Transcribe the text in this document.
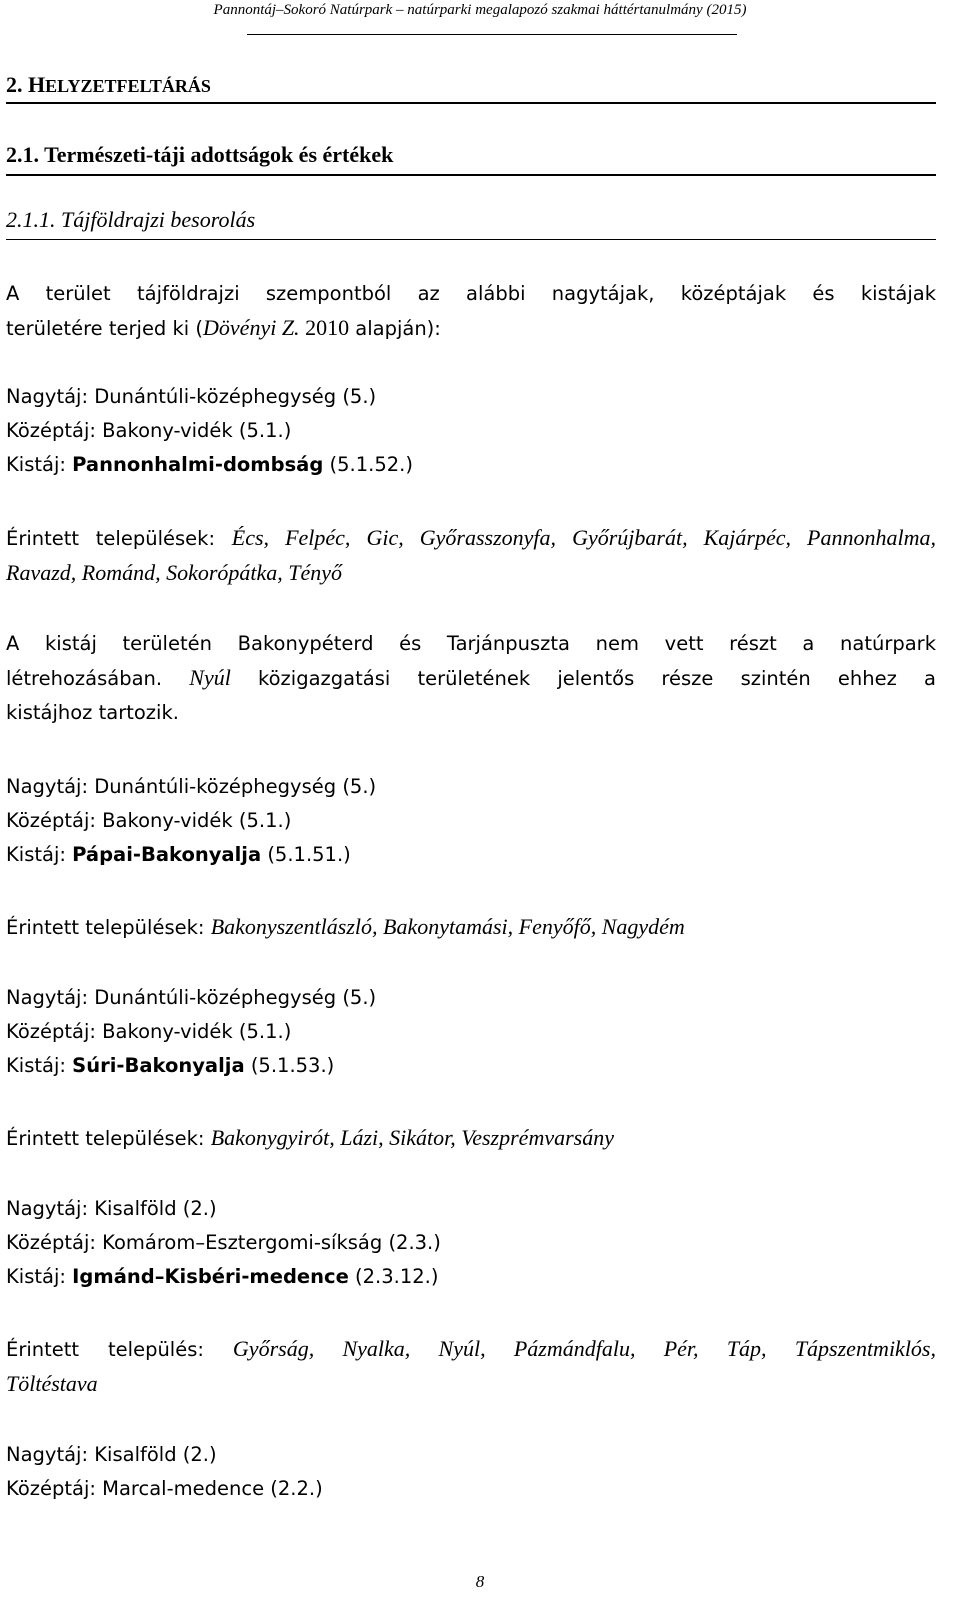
Pannontáj–Sokoró Natúrpark – natúrparki megalapozó szakmai háttértanulmány (2015)
2. HELYZETFELTÁRÁS
2.1. Természeti-táji adottságok és értékek
2.1.1. Tájföldrajzi besorolás
A terület tájföldrajzi szempontból az alábbi nagytájak, középtájak és kistájak
területére terjed ki (Dövényi Z. 2010 alapján):
Nagytáj: Dunántúli-középhegység (5.)
Középtáj: Bakony-vidék (5.1.)
Kistáj: Pannonhalmi-dombság (5.1.52.)
Érintett települések: Écs, Felpéc, Gic, Győrasszonyfa, Győrújbarát, Kajárpéc, Pannonhalma,
Ravazd, Románd, Sokorópátka, Tényő
A kistáj területén Bakonypéterd és Tarjánpuszta nem vett részt a natúrpark
létrehozásában. Nyúl közigazgatási területének jelentős része szintén ehhez a
kistájhoz tartozik.
Nagytáj: Dunántúli-középhegység (5.)
Középtáj: Bakony-vidék (5.1.)
Kistáj: Pápai-Bakonyalja (5.1.51.)
Érintett települések: Bakonyszentlászló, Bakonytamási, Fenyőfő, Nagydém
Nagytáj: Dunántúli-középhegység (5.)
Középtáj: Bakony-vidék (5.1.)
Kistáj: Súri-Bakonyalja (5.1.53.)
Érintett települések: Bakonygyirót, Lázi, Sikátor, Veszprémvarsány
Nagytáj: Kisalföld (2.)
Középtáj: Komárom–Esztergomi-síkság (2.3.)
Kistáj: Igmánd–Kisbéri-medence (2.3.12.)
Érintett település: Győrság, Nyalka, Nyúl, Pázmándfalu, Pér, Táp, Tápszentmiklós,
Töltéstava
Nagytáj: Kisalföld (2.)
Középtáj: Marcal-medence (2.2.)
8
